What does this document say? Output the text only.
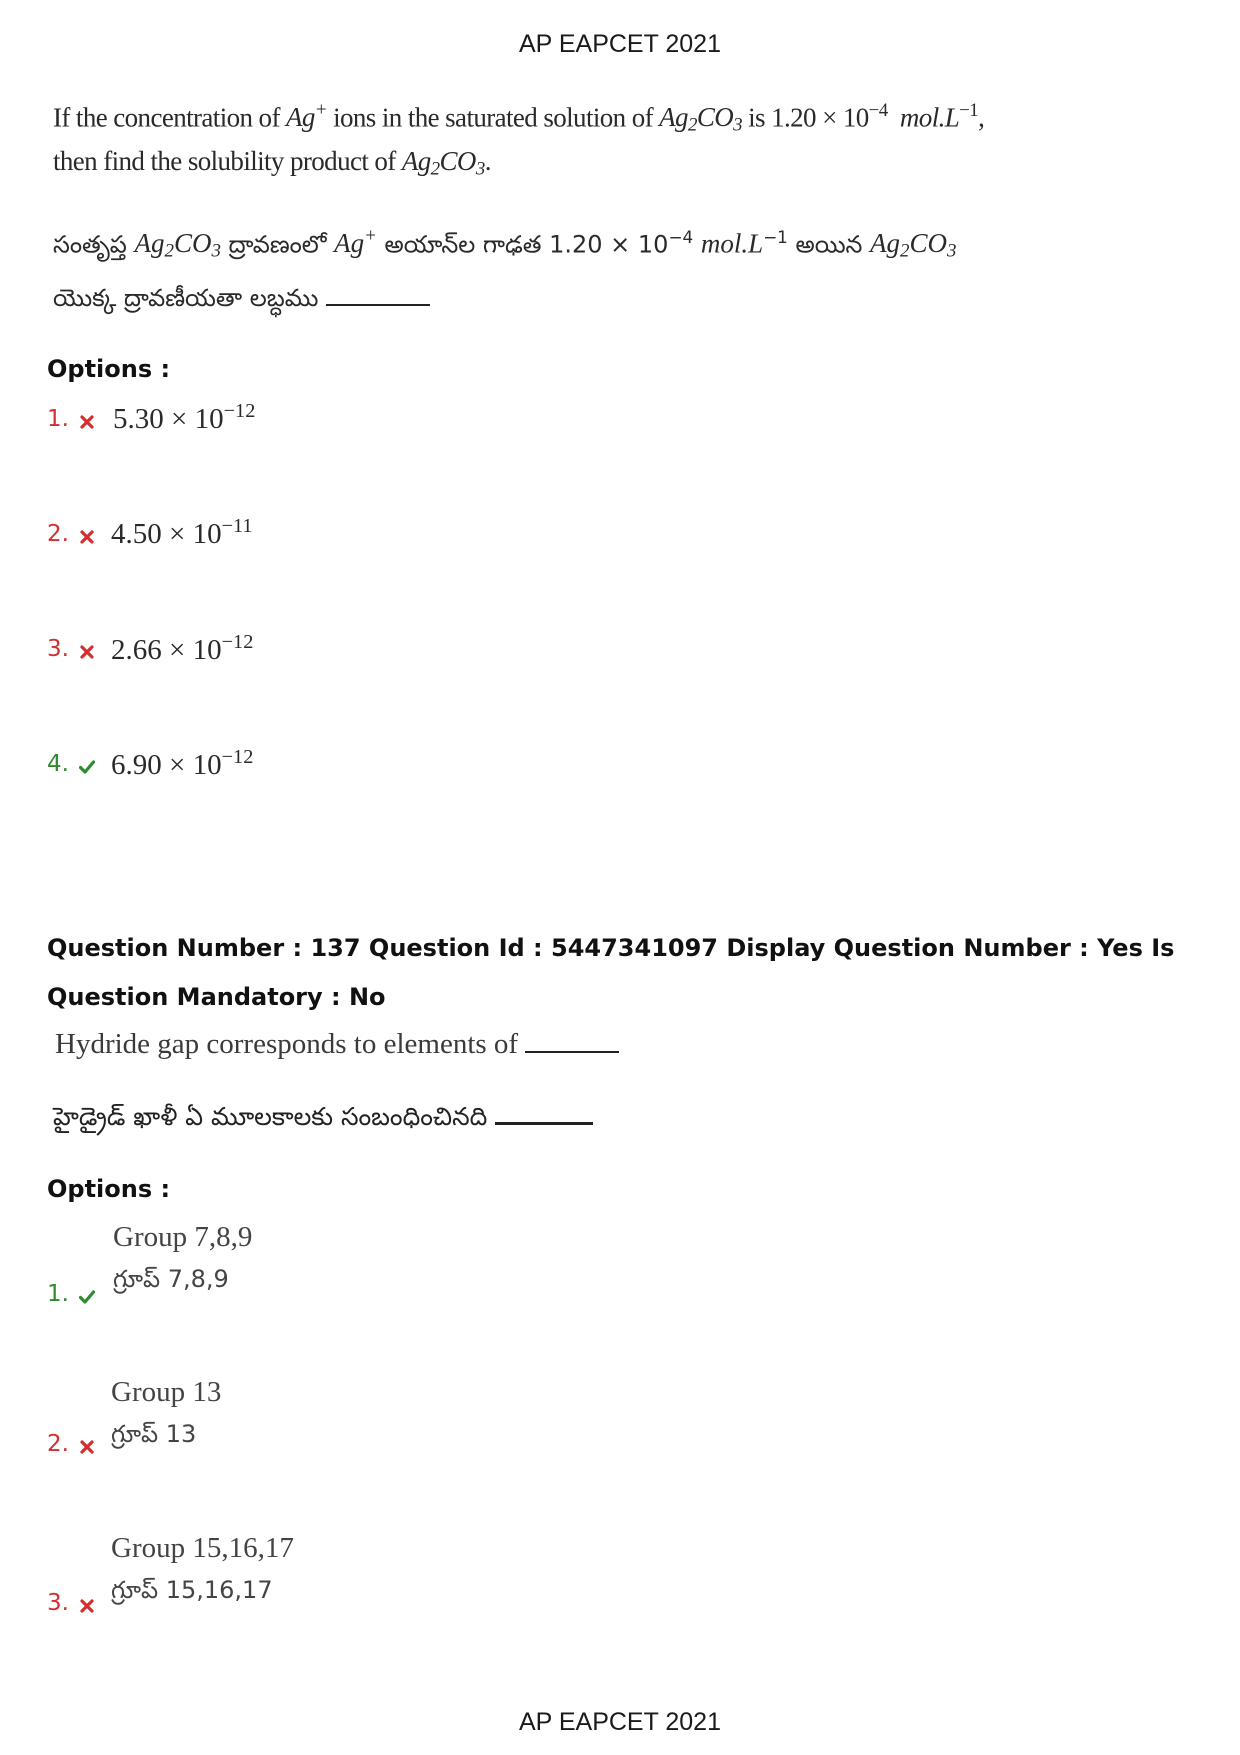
AP EAPCET 2021
If the concentration of Ag+ ions in the saturated solution of $Ag_2CO_3$ is $1.20 \times 10^{-4}$ $mol.L^{-1}$,
then find the solubility product of $Ag_2CO_3$.
సంతృప్త $Ag_2CO_3$ ద్రావణంలో Ag+ అయాన్‌ల గాఢత $1.20 \times 10^{-4}$ $mol.L^{-1}$ అయిన $Ag_2CO_3$
యొక్క ద్రావణీయతా లబ్ధము
Options :
1.	$5.30 \times 10^{-12}$
2.	$4.50 \times 10^{-11}$
3.	$2.66 \times 10^{-12}$
4.	$6.90 \times 10^{-12}$
Question Number : 137 Question Id : 5447341097 Display Question Number : Yes Is Question Mandatory : No
Hydride gap corresponds to elements of
హైడ్రైడ్ ఖాళీ ఏ మూలకాలకు సంబంధించినది
Options :
Group 7,8,9
గ్రూప్ 7,8,9
1.
Group 13
గ్రూప్ 13
2.
Group 15,16,17
గ్రూప్ 15,16,17
3.
AP EAPCET 2021
